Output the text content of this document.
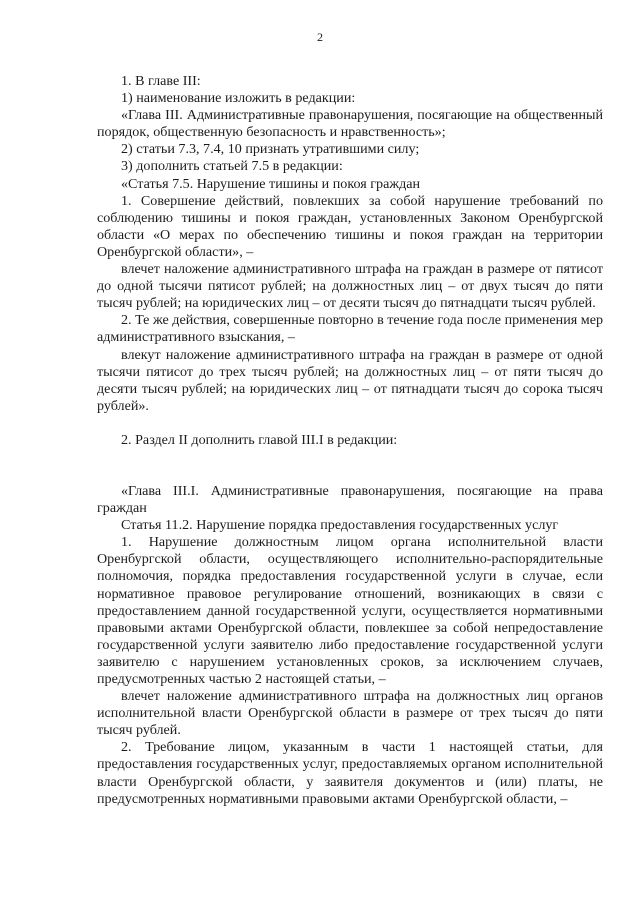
2

1. В главе III:

1) наименование изложить в редакции:

«Глава III. Административные правонарушения, посягающие на общественный порядок, общественную безопасность и нравственность»;

2) статьи 7.3, 7.4, 10 признать утратившими силу;

3) дополнить статьей 7.5 в редакции:

«Статья 7.5. Нарушение тишины и покоя граждан

1. Совершение действий, повлекших за собой нарушение требований по соблюдению тишины и покоя граждан, установленных Законом Оренбургской области «О мерах по обеспечению тишины и покоя граждан на территории Оренбургской области», –

влечет наложение административного штрафа на граждан в размере от пятисот до одной тысячи пятисот рублей; на должностных лиц – от двух тысяч до пяти тысяч рублей; на юридических лиц – от десяти тысяч до пятнадцати тысяч рублей.

2. Те же действия, совершенные повторно в течение года после применения мер административного взыскания, –

влекут наложение административного штрафа на граждан в размере от одной тысячи пятисот до трех тысяч рублей; на должностных лиц – от пяти тысяч до десяти тысяч рублей; на юридических лиц – от пятнадцати тысяч до сорока тысяч рублей».

2. Раздел II дополнить главой III.I в редакции:

«Глава III.I. Административные правонарушения, посягающие на права граждан

Статья 11.2. Нарушение порядка предоставления государственных услуг

1. Нарушение должностным лицом органа исполнительной власти Оренбургской области, осуществляющего исполнительно-распорядительные полномочия, порядка предоставления государственной услуги в случае, если нормативное правовое регулирование отношений, возникающих в связи с предоставлением данной государственной услуги, осуществляется нормативными правовыми актами Оренбургской области, повлекшее за собой непредоставление государственной услуги заявителю либо предоставление государственной услуги заявителю с нарушением установленных сроков, за исключением случаев, предусмотренных частью 2 настоящей статьи, –

влечет наложение административного штрафа на должностных лиц органов исполнительной власти Оренбургской области в размере от трех тысяч до пяти тысяч рублей.

2. Требование лицом, указанным в части 1 настоящей статьи, для предоставления государственных услуг, предоставляемых органом исполнительной власти Оренбургской области, у заявителя документов и (или) платы, не предусмотренных нормативными правовыми актами Оренбургской области, –
